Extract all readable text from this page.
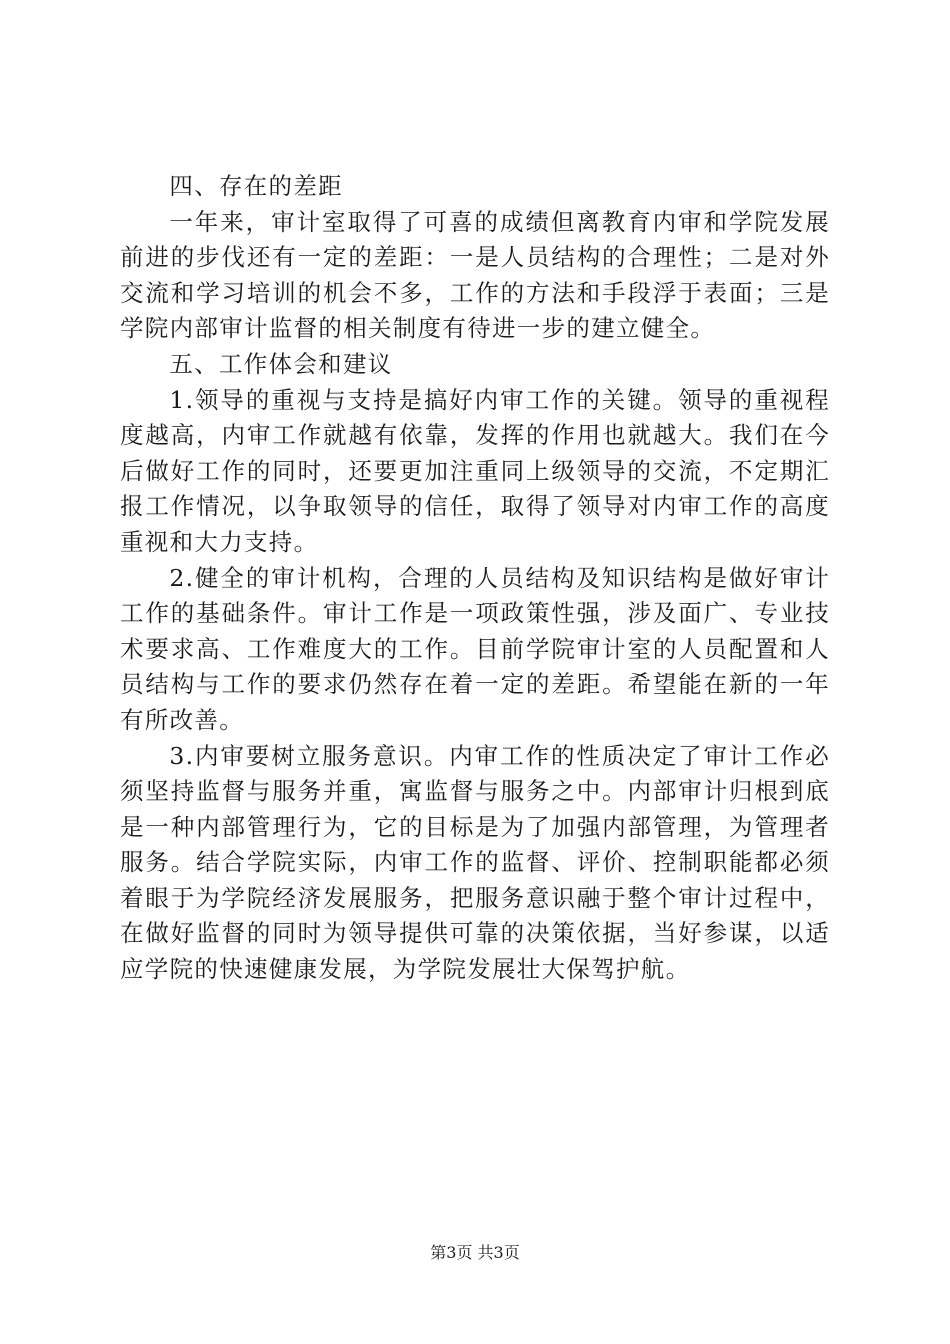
四、存在的差距

一年来，审计室取得了可喜的成绩但离教育内审和学院发展前进的步伐还有一定的差距：一是人员结构的合理性；二是对外交流和学习培训的机会不多，工作的方法和手段浮于表面；三是学院内部审计监督的相关制度有待进一步的建立健全。

五、工作体会和建议

1.领导的重视与支持是搞好内审工作的关键。领导的重视程度越高，内审工作就越有依靠，发挥的作用也就越大。我们在今后做好工作的同时，还要更加注重同上级领导的交流，不定期汇报工作情况，以争取领导的信任，取得了领导对内审工作的高度重视和大力支持。

2.健全的审计机构，合理的人员结构及知识结构是做好审计工作的基础条件。审计工作是一项政策性强，涉及面广、专业技术要求高、工作难度大的工作。目前学院审计室的人员配置和人员结构与工作的要求仍然存在着一定的差距。希望能在新的一年有所改善。

3.内审要树立服务意识。内审工作的性质决定了审计工作必须坚持监督与服务并重，寓监督与服务之中。内部审计归根到底是一种内部管理行为，它的目标是为了加强内部管理，为管理者服务。结合学院实际，内审工作的监督、评价、控制职能都必须着眼于为学院经济发展服务，把服务意识融于整个审计过程中，在做好监督的同时为领导提供可靠的决策依据，当好参谋，以适应学院的快速健康发展，为学院发展壮大保驾护航。

第3页 共3页
